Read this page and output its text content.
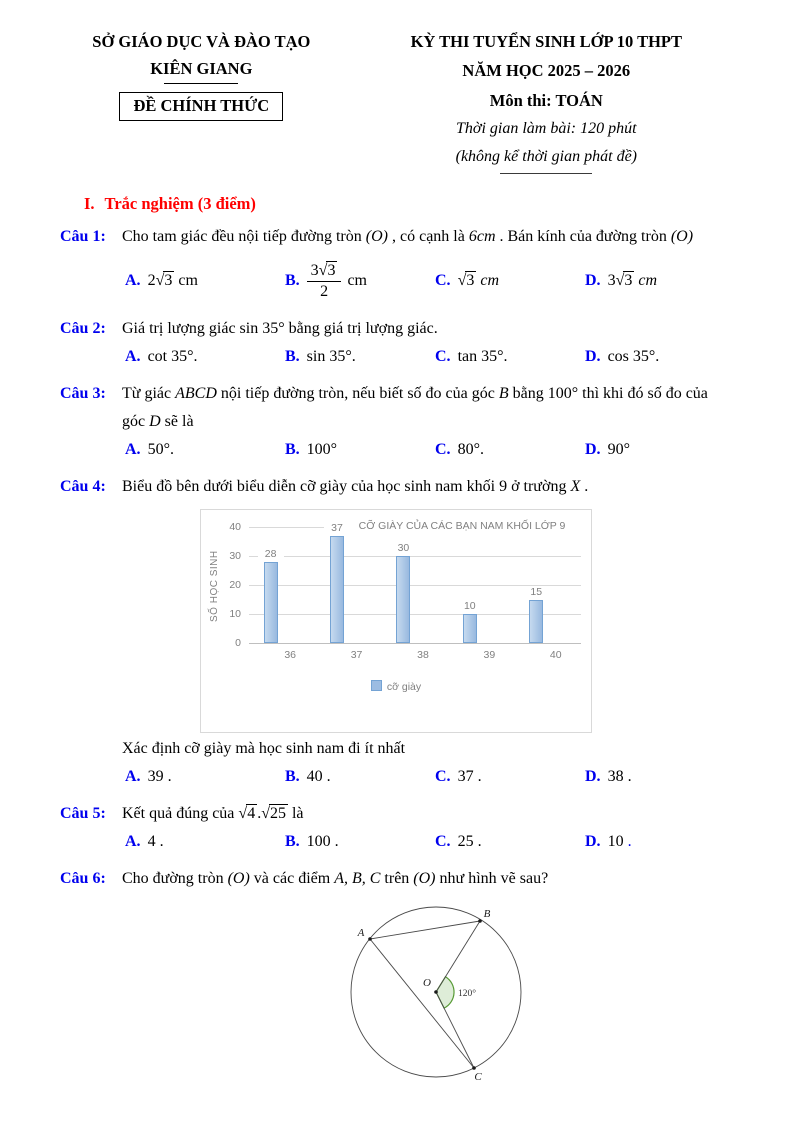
SỞ GIÁO DỤC VÀ ĐÀO TẠO
KIÊN GIANG
ĐỀ CHÍNH THỨC
KỲ THI TUYỂN SINH LỚP 10 THPT
NĂM HỌC 2025 – 2026
Môn thi: TOÁN
Thời gian làm bài: 120 phút
(không kể thời gian phát đề)
I. Trắc nghiệm (3 điểm)
Câu 1:	Cho tam giác đều nội tiếp đường tròn (O) , có cạnh là 6cm . Bán kính của đường tròn (O)
A. 2√3 cm	B. $\frac{3√3}{2}$ cm	C. √3 cm	D. 3√3 cm
Câu 2:	Giá trị lượng giác sin 35° bằng giá trị lượng giác.
A. cot 35°.	B. sin 35°.	C. tan 35°.	D. cos 35°.
Câu 3:	Từ giác ABCD nội tiếp đường tròn, nếu biết số đo của góc B bằng 100° thì khi đó số đo của
góc D sẽ là
A. 50°.	B. 100°	C. 80°.	D. 90°
Câu 4:	Biểu đồ bên dưới biểu diễn cỡ giày của học sinh nam khối 9 ở trường X .
CỠ GIÀY CỦA CÁC BẠN NAM KHỐI LỚP 9
SỐ HỌC SINH
0
10
20
30
40
28
37
30
10
15
36	37	38	39	40
cỡ giày
Xác định cỡ giày mà học sinh nam đi ít nhất
A. 39 .	B. 40 .	C. 37 .	D. 38 .
Câu 5:	Kết quả đúng của √4 .√25 là
A. 4 .	B. 100 .	C. 25 .	D. 10 .
Câu 6:	Cho đường tròn (O) và các điểm A, B, C trên (O) như hình vẽ sau?
A
B
C
O
120°
